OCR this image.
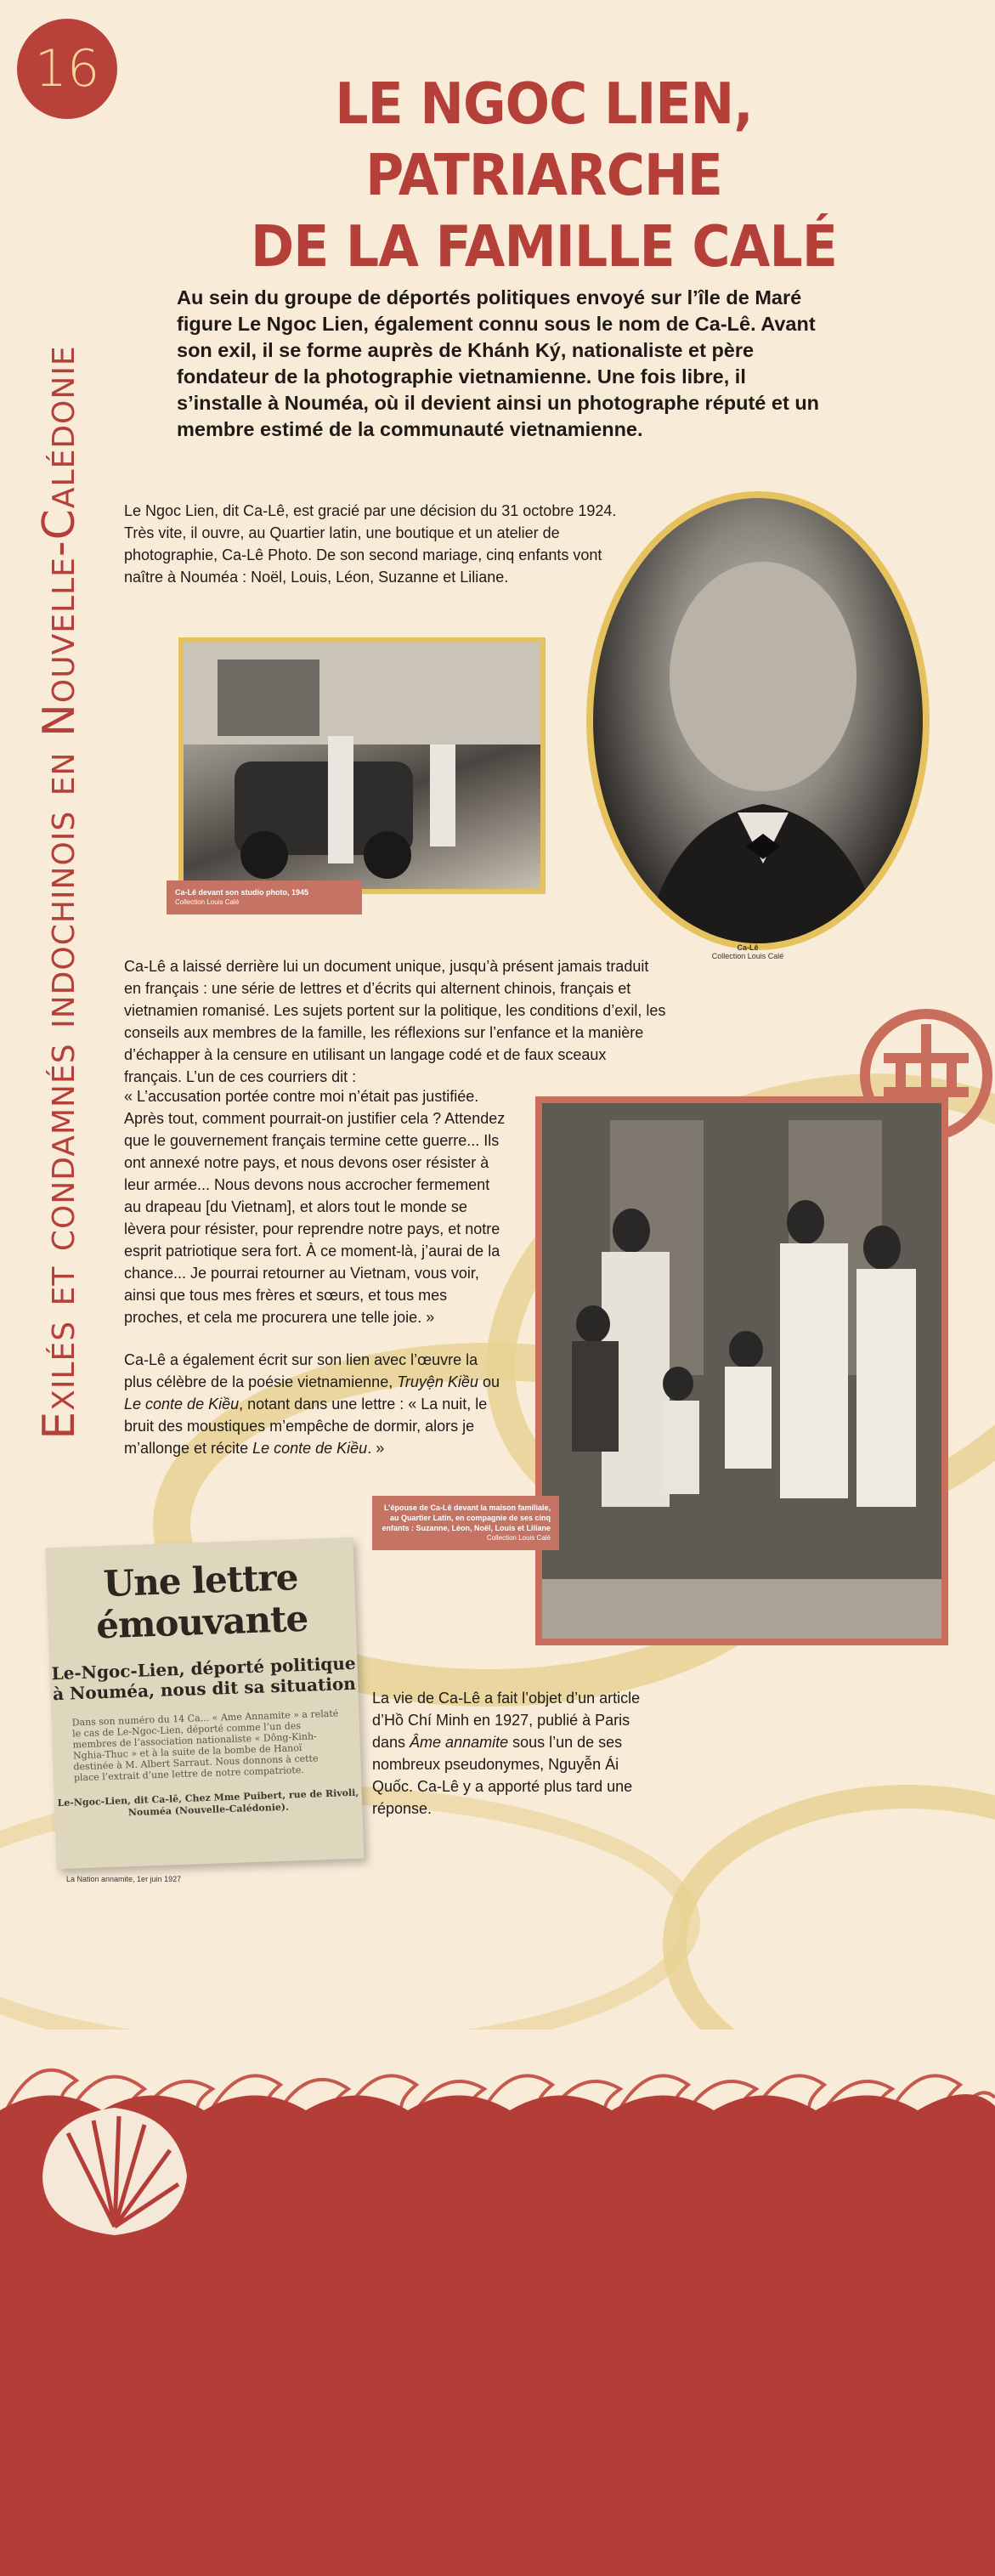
16
LE NGOC LIEN, PATRIARCHE
DE LA FAMILLE CALÉ
Exilés et condamnés indochinois en Nouvelle-Calédonie
Au sein du groupe de déportés politiques envoyé sur l’île de Maré figure Le Ngoc Lien, également connu sous le nom de Ca-Lê. Avant son exil, il se forme auprès de Khánh Ký, nationaliste et père fondateur de la photographie vietnamienne. Une fois libre, il s’installe à Nouméa, où il devient ainsi un photographe réputé et un membre estimé de la communauté vietnamienne.
Le Ngoc Lien, dit Ca-Lê, est gracié par une décision du 31 octobre 1924. Très vite, il ouvre, au Quartier latin, une boutique et un atelier de photographie, Ca-Lê Photo. De son second mariage, cinq enfants vont naître à Nouméa : Noël, Louis, Léon, Suzanne et Liliane.
Ca-Lê
Collection Louis Calé
Ca-Lê devant son studio photo, 1945
Collection Louis Calé
Ca-Lê a laissé derrière lui un document unique, jusqu’à présent jamais traduit en français : une série de lettres et d’écrits qui alternent chinois, français et vietnamien romanisé. Les sujets portent sur la politique, les conditions d’exil, les conseils aux membres de la famille, les réflexions sur l’enfance et la manière d’échapper à la censure en utilisant un langage codé et de faux sceaux français. L’un de ces courriers dit :
« L’accusation portée contre moi n’était pas justifiée. Après tout, comment pourrait-on justifier cela ? Attendez que le gouvernement français termine cette guerre... Ils ont annexé notre pays, et nous devons oser résister à leur armée... Nous devons nous accrocher fermement au drapeau [du Vietnam], et alors tout le monde se lèvera pour résister, pour reprendre notre pays, et notre esprit patriotique sera fort. À ce moment-là, j’aurai de la chance... Je pourrai retourner au Vietnam, vous voir, ainsi que tous mes frères et sœurs, et tous mes proches, et cela me procurera une telle joie. »
Ca-Lê a également écrit sur son lien avec l’œuvre la plus célèbre de la poésie vietnamienne, Truyện Kiều ou Le conte de Kiều, notant dans une lettre : « La nuit, le bruit des moustiques m’empêche de dormir, alors je m’allonge et récite Le conte de Kiều. »
L’épouse de Ca-Lê devant la maison familiale, au Quartier Latin, en compagnie de ses cinq enfants : Suzanne, Léon, Noël, Louis et Liliane
Collection Louis Calé
Une lettre émouvante
Le-Ngoc-Lien, déporté politique à Nouméa, nous dit sa situation
Dans son numéro du 14 Ca... « Ame Annamite » a relaté le cas de Le-Ngoc-Lien, déporté comme l’un des membres de l’association nationaliste « Dông-Kinh-Nghia-Thuc » et à la suite de la bombe de Hanoï destinée à M. Albert Sarraut. Nous donnons à cette place l’extrait d’une lettre de notre compatriote.
Le-Ngoc-Lien, dit Ca-lê, Chez Mme Puibert, rue de Rivoli, Nouméa (Nouvelle-Calédonie).
La Nation annamite, 1er juin 1927
La vie de Ca-Lê a fait l’objet d’un article d’Hồ Chí Minh en 1927, publié à Paris dans Âme annamite sous l’un de ses nombreux pseudonymes, Nguyễn Ái Quốc. Ca-Lê y a apporté plus tard une réponse.
